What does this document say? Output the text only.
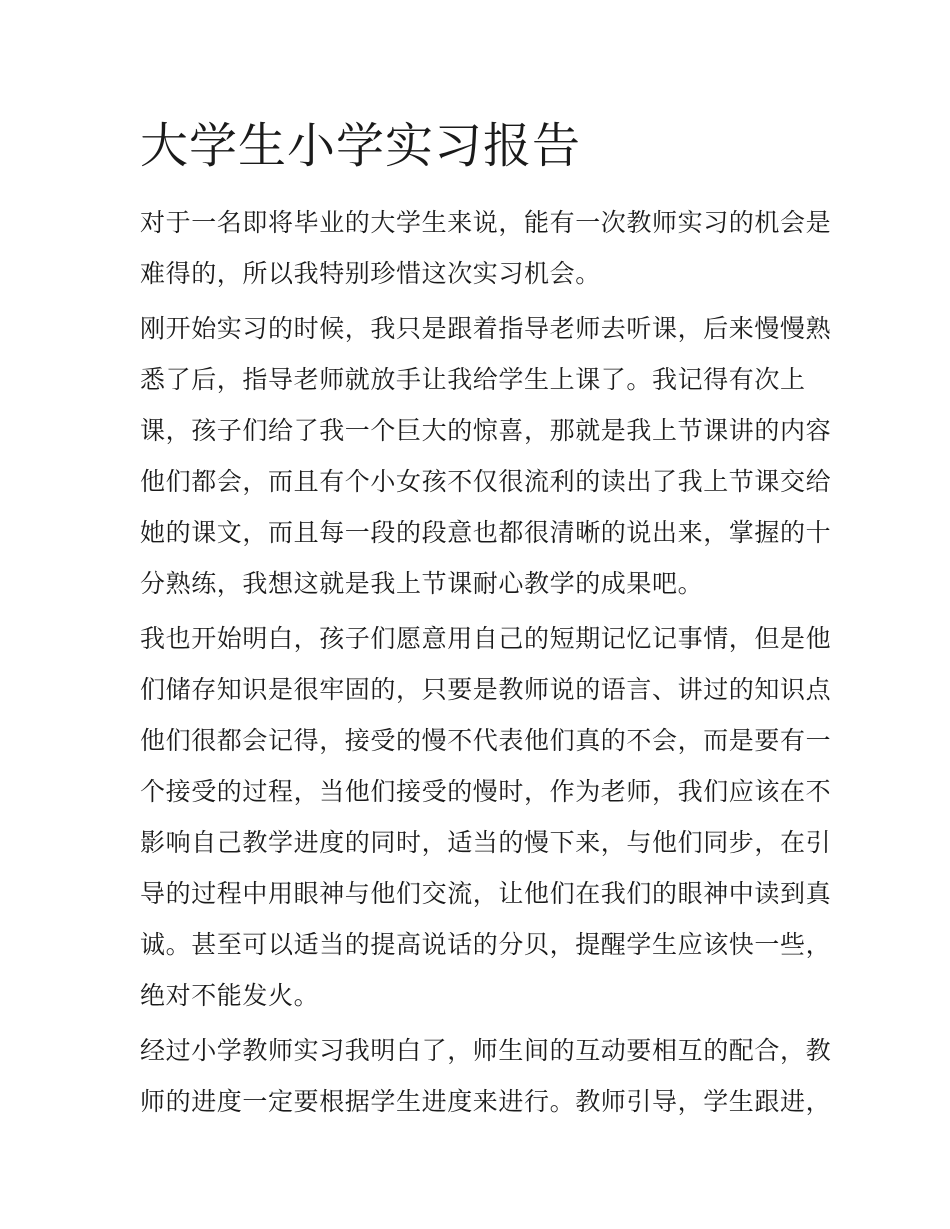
大学生小学实习报告
对于一名即将毕业的大学生来说，能有一次教师实习的机会是
难得的，所以我特别珍惜这次实习机会。
刚开始实习的时候，我只是跟着指导老师去听课，后来慢慢熟
悉了后，指导老师就放手让我给学生上课了。我记得有次上
课，孩子们给了我一个巨大的惊喜，那就是我上节课讲的内容
他们都会，而且有个小女孩不仅很流利的读出了我上节课交给
她的课文，而且每一段的段意也都很清晰的说出来，掌握的十
分熟练，我想这就是我上节课耐心教学的成果吧。
我也开始明白，孩子们愿意用自己的短期记忆记事情，但是他
们储存知识是很牢固的，只要是教师说的语言、讲过的知识点
他们很都会记得，接受的慢不代表他们真的不会，而是要有一
个接受的过程，当他们接受的慢时，作为老师，我们应该在不
影响自己教学进度的同时，适当的慢下来，与他们同步，在引
导的过程中用眼神与他们交流，让他们在我们的眼神中读到真
诚。甚至可以适当的提高说话的分贝，提醒学生应该快一些，
绝对不能发火。
经过小学教师实习我明白了，师生间的互动要相互的配合，教
师的进度一定要根据学生进度来进行。教师引导，学生跟进，
